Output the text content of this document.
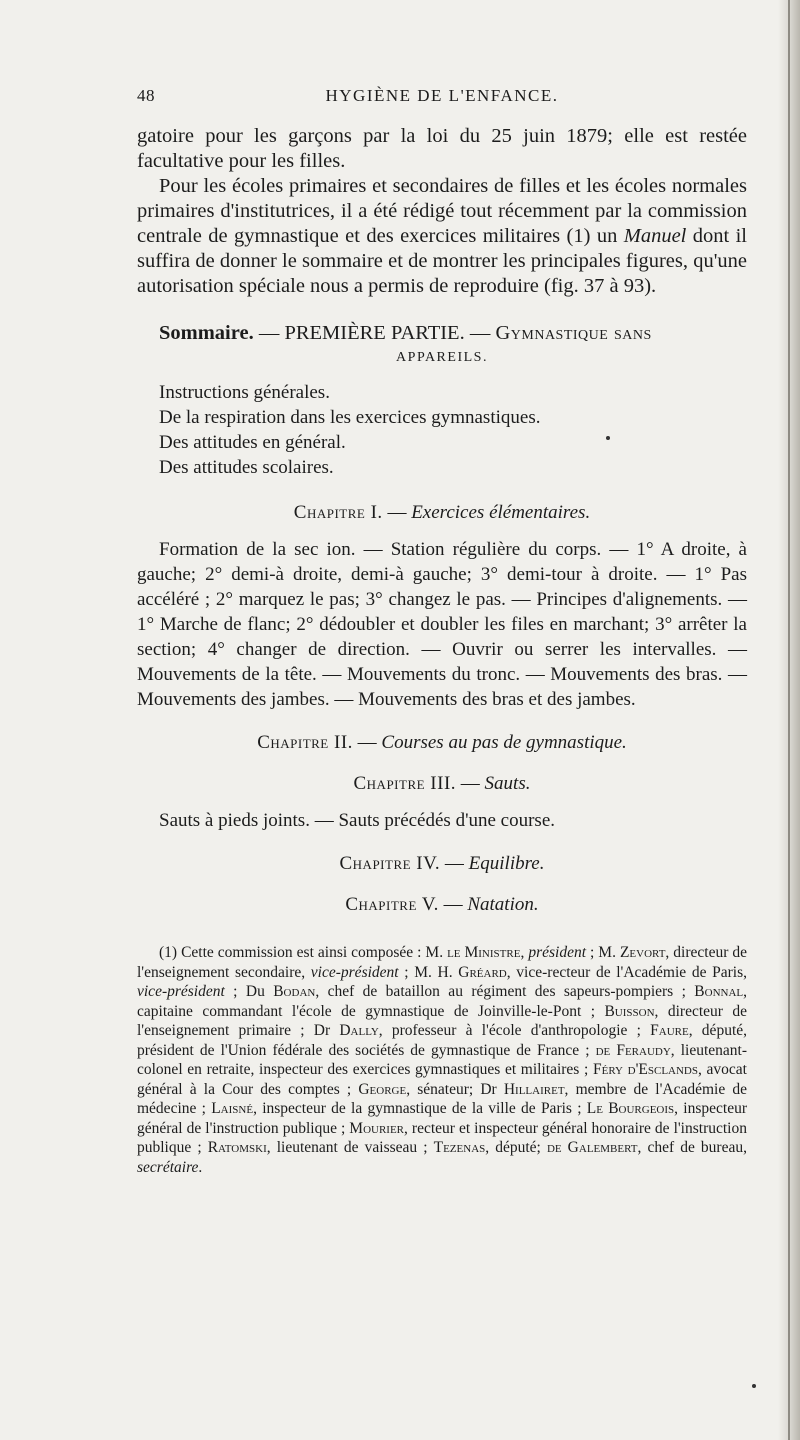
48	HYGIÈNE DE L'ENFANCE.

gatoire pour les garçons par la loi du 25 juin 1879; elle est restée facultative pour les filles.

Pour les écoles primaires et secondaires de filles et les écoles normales primaires d'institutrices, il a été rédigé tout récemment par la commission centrale de gymnastique et des exercices militaires (1) un Manuel dont il suffira de donner le sommaire et de montrer les principales figures, qu'une autorisation spéciale nous a permis de reproduire (fig. 37 à 93).

Sommaire. — PREMIÈRE PARTIE. — Gymnastique sans

APPAREILS.
Instructions générales.
De la respiration dans les exercices gymnastiques.
Des attitudes en général.
Des attitudes scolaires.
Chapitre I. — Exercices élémentaires.

Formation de la sec ion. — Station régulière du corps. — 1° A droite, à gauche; 2° demi-à droite, demi-à gauche; 3° demi-tour à droite. — 1° Pas accéléré ; 2° marquez le pas; 3° changez le pas. — Principes d'alignements. — 1° Marche de flanc; 2° dédoubler et doubler les files en marchant; 3° arrêter la section; 4° changer de direction. — Ouvrir ou serrer les intervalles. — Mouvements de la tête. — Mouvements du tronc. — Mouvements des bras. — Mouvements des jambes. — Mouvements des bras et des jambes.

Chapitre II. — Courses au pas de gymnastique.
Chapitre III. — Sauts.

Sauts à pieds joints. — Sauts précédés d'une course.

Chapitre IV. — Equilibre.
Chapitre V. — Natation.

(1) Cette commission est ainsi composée : M. le Ministre, président ; M. Zevort, directeur de l'enseignement secondaire, vice-président ; M. H. Gréard, vice-recteur de l'Académie de Paris, vice-président ; Du Bodan, chef de bataillon au régiment des sapeurs-pompiers ; Bonnal, capitaine commandant l'école de gymnastique de Joinville-le-Pont ; Buisson, directeur de l'enseignement primaire ; Dr Dally, professeur à l'école d'anthropologie ; Faure, député, président de l'Union fédérale des sociétés de gymnastique de France ; de Feraudy, lieutenant-colonel en retraite, inspecteur des exercices gymnastiques et militaires ; Féry d'Esclands, avocat général à la Cour des comptes ; George, sénateur; Dr Hillairet, membre de l'Académie de médecine ; Laisné, inspecteur de la gymnastique de la ville de Paris ; Le Bourgeois, inspecteur général de l'instruction publique ; Mourier, recteur et inspecteur général honoraire de l'instruction publique ; Ratomski, lieutenant de vaisseau ; Tezenas, député; de Galembert, chef de bureau, secrétaire.
